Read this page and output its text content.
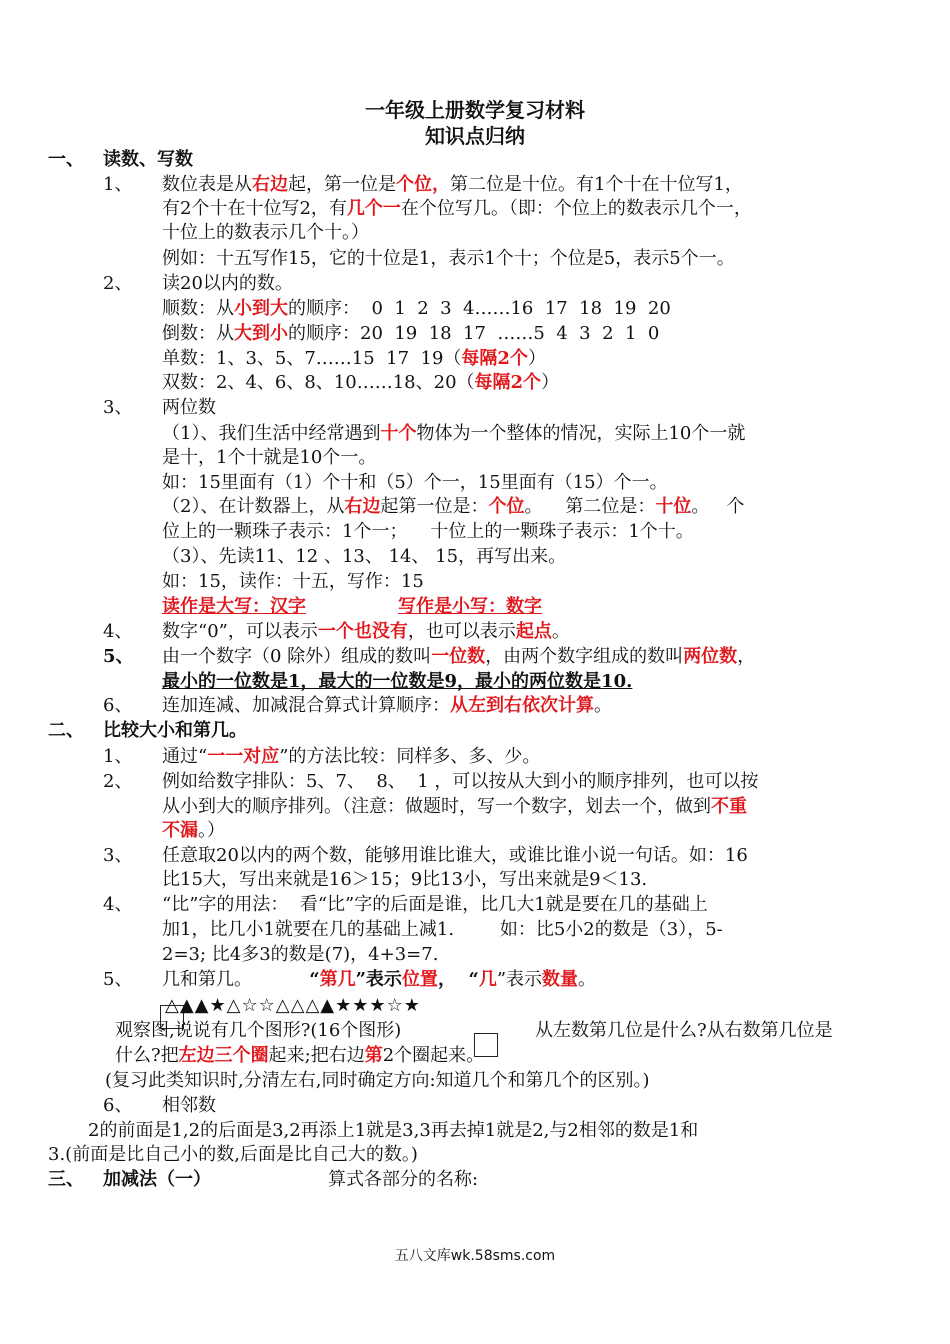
一年级上册数学复习材料
知识点归纳
一、 读数、写数
1、 数位表是从右边起，第一位是个位，第二位是十位。有1个十在十位写1，
有2个十在十位写2，有几个一在个位写几。（即：个位上的数表示几个一，
十位上的数表示几个十。）
例如：十五写作15，它的十位是1，表示1个十；个位是5，表示5个一。
2、 读20以内的数。
顺数：从小到大的顺序：  0  1  2  3  4……16  17  18  19  20
倒数：从大到小的顺序：20  19  18  17  ……5  4  3  2  1  0
单数：1、3、5、7……15  17  19（每隔2个）
双数：2、4、6、8、10……18、20（每隔2个）
3、 两位数
（1）、我们生活中经常遇到十个物体为一个整体的情况，实际上10个一就
是十，1个十就是10个一。
如：15里面有（1）个十和（5）个一，15里面有（15）个一。
（2）、在计数器上，从右边起第一位是：个位。    第二位是：十位。   个
位上的一颗珠子表示：1个一；    十位上的一颗珠子表示：1个十。
（3）、先读11、12 、13、 14、 15，再写出来。
如：15，读作：十五，写作：15
读作是大写：汉字	写作是小写：数字
4、 数字“0”，可以表示一个也没有，也可以表示起点。
5、 由一个数字（0 除外）组成的数叫一位数，由两个数字组成的数叫两位数，
最小的一位数是1，最大的一位数是9，最小的两位数是10.
6、 连加连减、加减混合算式计算顺序：从左到右依次计算。
二、 比较大小和第几。
1、 通过“一一对应”的方法比较：同样多、多、少。
2、 例如给数字排队：5、7、  8、  1 ，可以按从大到小的顺序排列，也可以按
从小到大的顺序排列。（注意：做题时，写一个数字，划去一个，做到不重
不漏。）
3、 任意取20以内的两个数，能够用谁比谁大，或谁比谁小说一句话。如：16
比15大，写出来就是16＞15；9比13小，写出来就是9＜13.
4、 “比”字的用法：  看“比”字的后面是谁，比几大1就是要在几的基础上
加1，比几小1就要在几的基础上减1.        如：比5小2的数是（3），5-
2=3; 比4多3的数是(7)，4+3=7.
5、 几和第几。	“第几”表示位置，  “几”表示数量。
△▲▲★△☆☆△△△▲★★★☆★
观察图,说说有几个图形?(16个图形)	从左数第几位是什么?从右数第几位是
什么?把左边三个圈起来;把右边第2个圈起来。
(复习此类知识时,分清左右,同时确定方向:知道几个和第几个的区别。)
6、 相邻数
2的前面是1,2的后面是3,2再添上1就是3,3再去掉1就是2,与2相邻的数是1和
3.(前面是比自己小的数,后面是比自己大的数。)
三、 加减法（一）	算式各部分的名称:
五八文库wk.58sms.com
